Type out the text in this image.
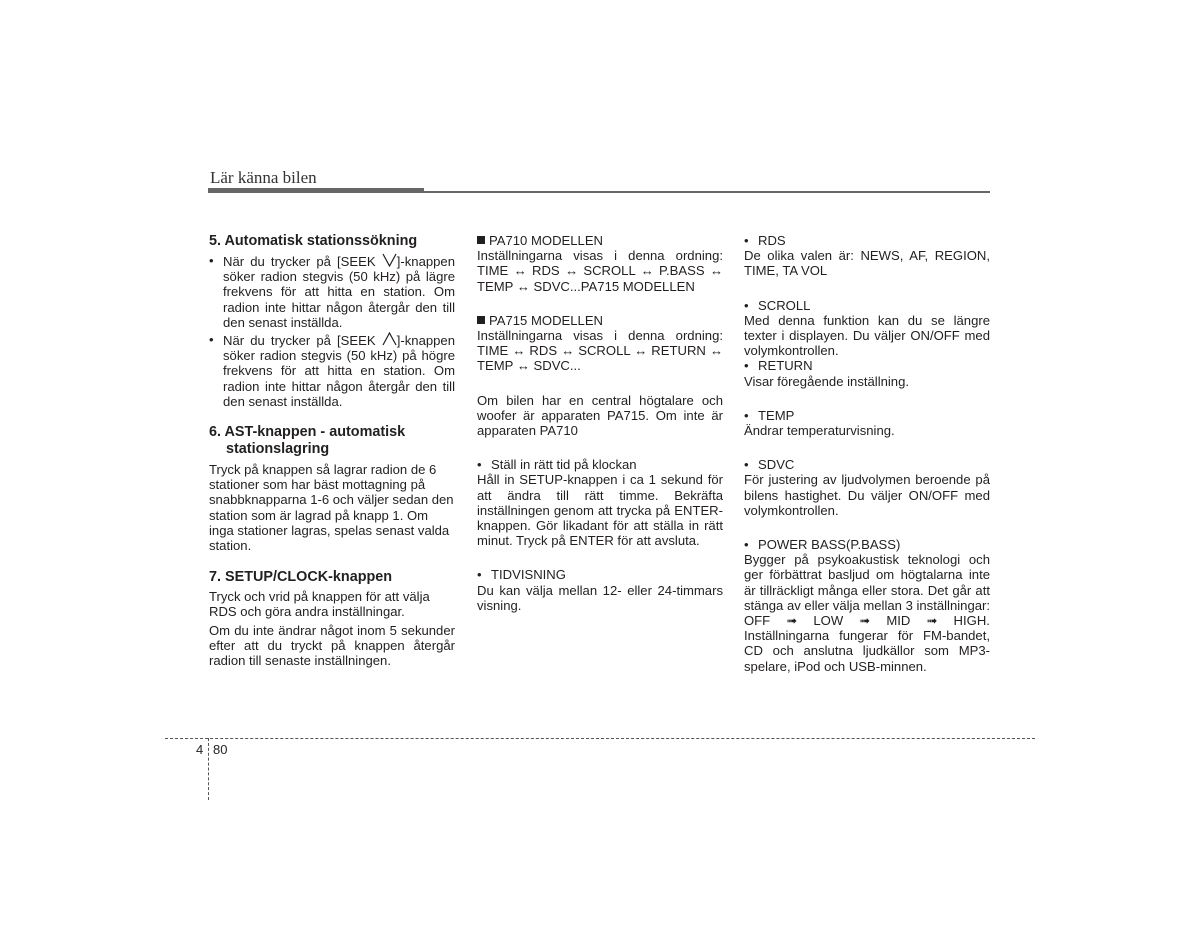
Lär känna bilen
5. Automatisk stationssökning

• När du trycker på [SEEK
]-knappen söker radion stegvis (50 kHz) på lägre frekvens för att hitta en station. Om radion inte hittar någon återgår den till den senast inställda.

• När du trycker på [SEEK
]-knappen söker radion stegvis (50 kHz) på högre frekvens för att hitta en station. Om radion inte hittar någon återgår den till den senast inställda.

6. AST-knappen - automatisk stationslagring

Tryck på knappen så lagrar radion de 6 stationer som har bäst mottagning på snabbknapparna 1-6 och väljer sedan den station som är lagrad på knapp 1. Om inga stationer lagras, spelas senast valda station.

7. SETUP/CLOCK-knappen

Tryck och vrid på knappen för att välja RDS och göra andra inställningar.

Om du inte ändrar något inom 5 sekunder efter att du tryckt på knappen återgår radion till senaste inställningen.

PA710 MODELLEN

Inställningarna visas i denna ordning: TIME ↔ RDS ↔ SCROLL ↔ P.BASS ↔ TEMP ↔ SDVC...PA715 MODELLEN

PA715 MODELLEN

Inställningarna visas i denna ordning: TIME ↔ RDS ↔ SCROLL ↔ RETURN ↔ TEMP ↔ SDVC...

Om bilen har en central högtalare och woofer är apparaten PA715. Om inte är apparaten PA710

• Ställ in rätt tid på klockan

Håll in SETUP-knappen i ca 1 sekund för att ändra till rätt timme. Bekräfta inställningen genom att trycka på ENTER-knappen. Gör likadant för att ställa in rätt minut. Tryck på ENTER för att avsluta.

• TIDVISNING

Du kan välja mellan 12- eller 24-timmars visning.

• RDS

De olika valen är: NEWS, AF, REGION, TIME, TA VOL

• SCROLL

Med denna funktion kan du se längre texter i displayen. Du väljer ON/OFF med volymkontrollen.

• RETURN

Visar föregående inställning.

• TEMP

Ändrar temperaturvisning.

• SDVC

För justering av ljudvolymen beroende på bilens hastighet. Du väljer ON/OFF med volymkontrollen.

• POWER BASS(P.BASS)

Bygger på psykoakustisk teknologi och ger förbättrat basljud om högtalarna inte är tillräckligt många eller stora. Det går att stänga av eller välja mellan 3 inställningar:

OFF ➟ LOW ➟ MID ➟ HIGH.

Inställningarna fungerar för FM-bandet, CD och anslutna ljudkällor som MP3-spelare, iPod och USB-minnen.

4 80
